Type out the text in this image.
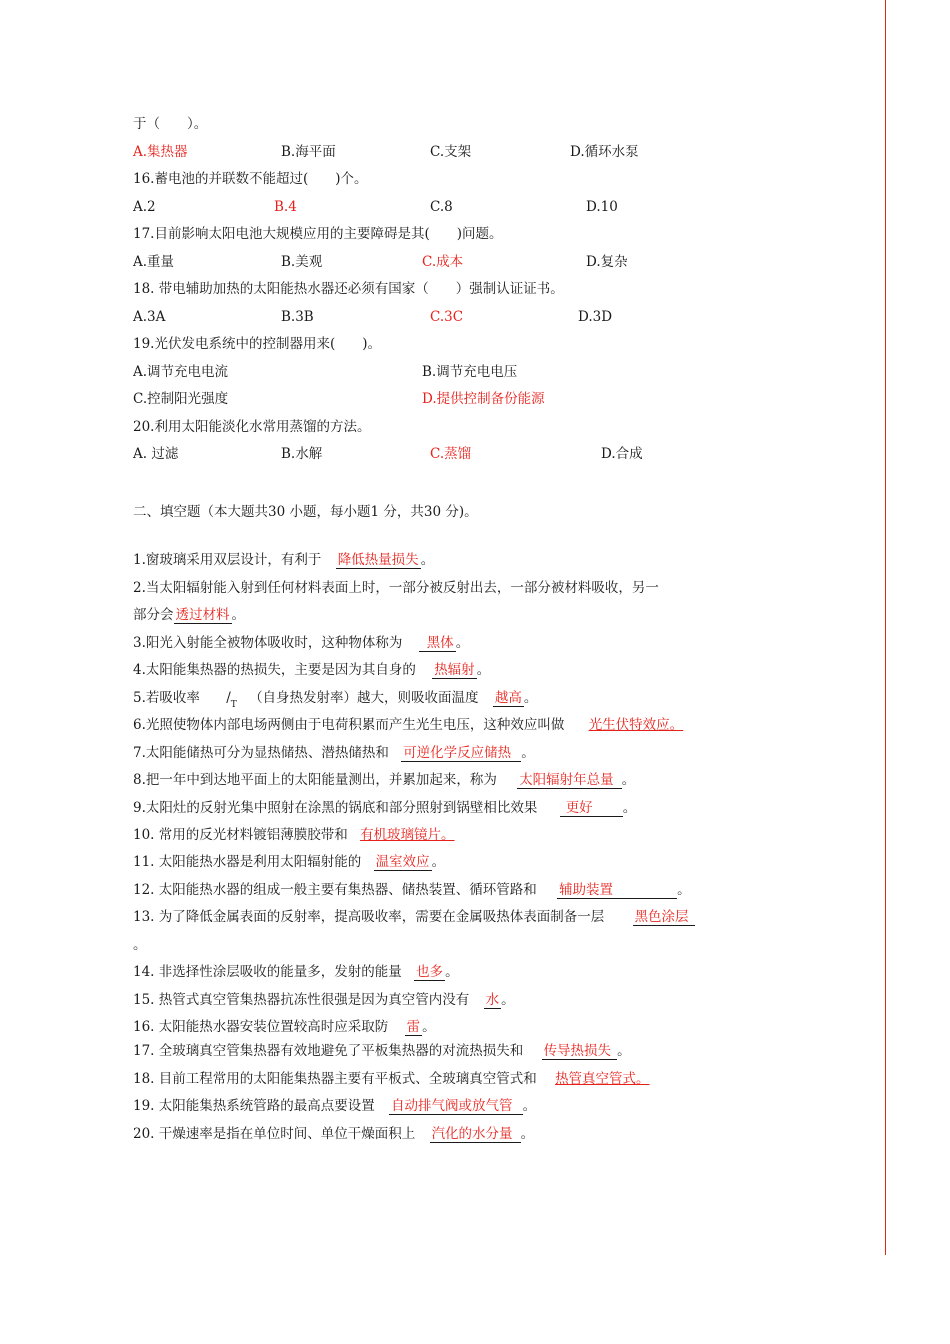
于（　　）。
A.集热器	B.海平面	C.支架	D.循环水泵
16.蓄电池的并联数不能超过(　　)个。
A.2	B.4	C.8	D.10
17.目前影响太阳电池大规模应用的主要障碍是其(　　)问题。
A.重量	B.美观	C.成本	D.复杂
18. 带电辅助加热的太阳能热水器还必须有国家（　　）强制认证证书。
A.3A	B.3B	C.3C	D.3D
19.光伏发电系统中的控制器用来(　　)。
A.调节充电电流	B.调节充电电压
C.控制阳光强度	D.提供控制备份能源
20.利用太阳能淡化水常用蒸馏的方法。
A. 过滤	B.水解	C.蒸馏	D.合成
二、填空题（本大题共30 小题，每小题1 分，共30 分)。
1.窗玻璃采用双层设计，有利于 降低热量损失 。
2.当太阳辐射能入射到任何材料表面上时，一部分被反射出去，一部分被材料吸收，另一
部分会 透过材料 。
3.阳光入射能全被物体吸收时，这种物体称为 黑体 。
4.太阳能集热器的热损失，主要是因为其自身的 热辐射 。
5.若吸收率 $/_T$ （自身热发射率）越大，则吸收面温度 越高 。
6.光照使物体内部电场两侧由于电荷积累而产生光生电压，这种效应叫做 光生伏特效应。
7.太阳能储热可分为显热储热、潜热储热和 可逆化学反应储热 。
8.把一年中到达地平面上的太阳能量测出，并累加起来，称为 太阳辐射年总量 。
9.太阳灶的反射光集中照射在涂黑的锅底和部分照射到锅壁相比效果 更好 。
10. 常用的反光材料镀铝薄膜胶带和 有机玻璃镜片。
11. 太阳能热水器是利用太阳辐射能的 温室效应 。
12. 太阳能热水器的组成一般主要有集热器、储热装置、循环管路和 辅助装置	。
13. 为了降低金属表面的反射率，提高吸收率，需要在金属吸热体表面制备一层 黑色涂层
。
14. 非选择性涂层吸收的能量多，发射的能量 也多 。
15. 热管式真空管集热器抗冻性很强是因为真空管内没有 水 。
16. 太阳能热水器安装位置较高时应采取防 雷 。
17. 全玻璃真空管集热器有效地避免了平板集热器的对流热损失和 传导热损失 。
18. 目前工程常用的太阳能集热器主要有平板式、全玻璃真空管式和 热管真空管式。
19. 太阳能集热系统管路的最高点要设置 自动排气阀或放气管 。
20. 干燥速率是指在单位时间、单位干燥面积上 汽化的水分量 。
